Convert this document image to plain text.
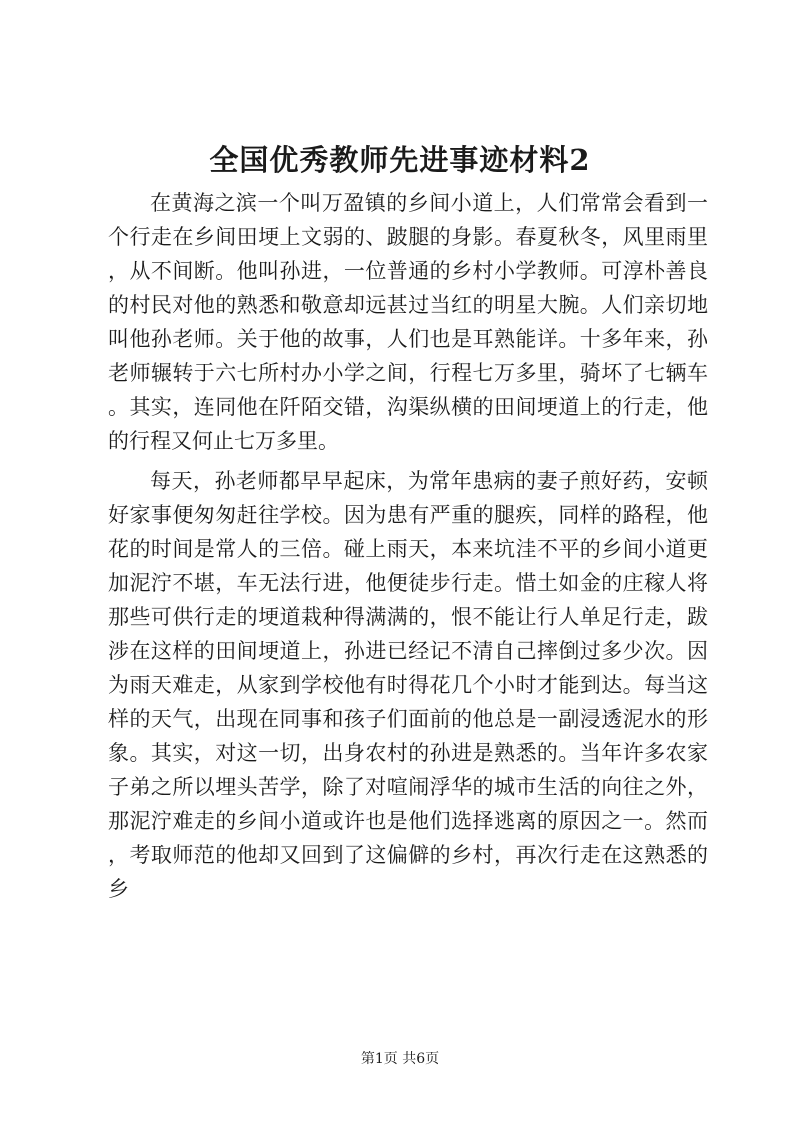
全国优秀教师先进事迹材料2

在黄海之滨一个叫万盈镇的乡间小道上，人们常常会看到一个行走在乡间田埂上文弱的、跛腿的身影。春夏秋冬，风里雨里，从不间断。他叫孙进，一位普通的乡村小学教师。可淳朴善良的村民对他的熟悉和敬意却远甚过当红的明星大腕。人们亲切地叫他孙老师。关于他的故事，人们也是耳熟能详。十多年来，孙老师辗转于六七所村办小学之间，行程七万多里，骑坏了七辆车。其实，连同他在阡陌交错，沟渠纵横的田间埂道上的行走，他的行程又何止七万多里。

每天，孙老师都早早起床，为常年患病的妻子煎好药，安顿好家事便匆匆赶往学校。因为患有严重的腿疾，同样的路程，他花的时间是常人的三倍。碰上雨天，本来坑洼不平的乡间小道更加泥泞不堪，车无法行进，他便徒步行走。惜土如金的庄稼人将那些可供行走的埂道栽种得满满的，恨不能让行人单足行走，跋涉在这样的田间埂道上，孙进已经记不清自己摔倒过多少次。因为雨天难走，从家到学校他有时得花几个小时才能到达。每当这样的天气，出现在同事和孩子们面前的他总是一副浸透泥水的形象。其实，对这一切，出身农村的孙进是熟悉的。当年许多农家子弟之所以埋头苦学，除了对喧闹浮华的城市生活的向往之外，那泥泞难走的乡间小道或许也是他们选择逃离的原因之一。然而，考取师范的他却又回到了这偏僻的乡村，再次行走在这熟悉的乡

第1页 共6页
